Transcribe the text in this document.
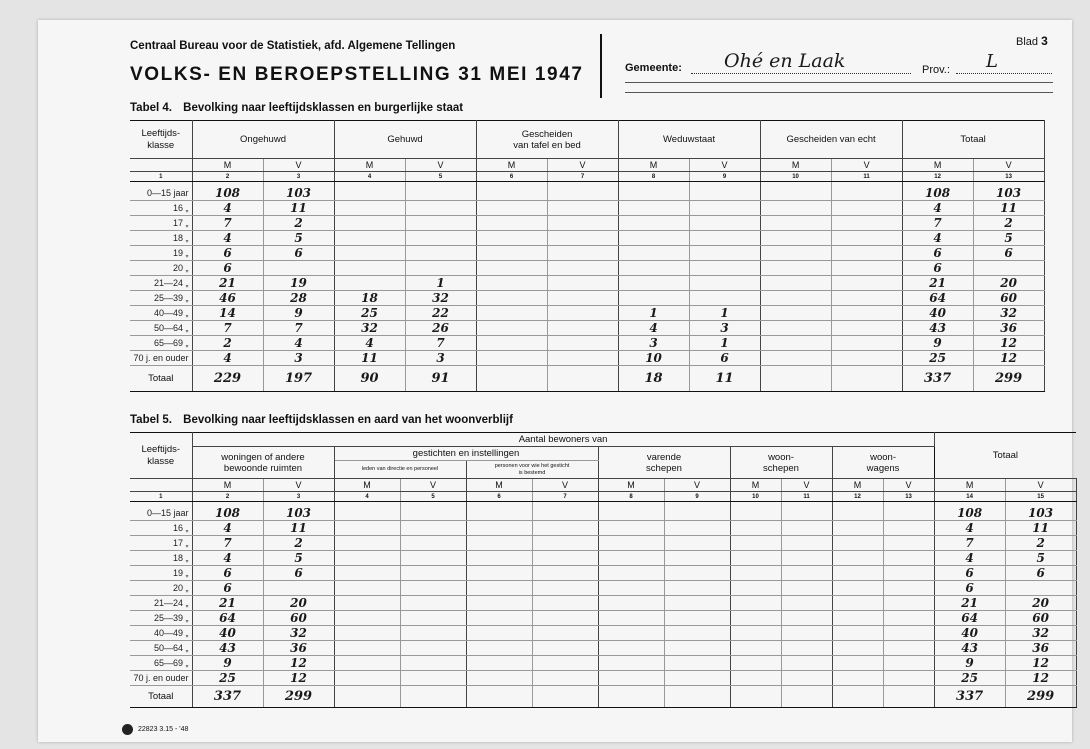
Centraal Bureau voor de Statistiek, afd. Algemene Tellingen
VOLKS- EN BEROEPSTELLING 31 MEI 1947
Blad 3
Gemeente: Ohé en Laak	Prov.: L
Tabel 4. Bevolking naar leeftijdsklassen en burgerlijke staat
Leeftijds-
klasse	Ongehuwd		Gehuwd		Gescheiden
van tafel en bed		Weduwstaat		Gescheiden van echt		Totaal	
	M	V	M	V	M	V	M	V	M	V	M	V
1	2	3	4	5	6	7	8	9	10	11	12	13

0—15 jaar	108	103									108	103
16 „	4	11									4	11
17 „	7	2									7	2
18 „	4	5									4	5
19 „	6	6									6	6
20 „	6										6	
21—24 „	21	19		1							21	20
25—39 „	46	28	18	32							64	60
40—49 „	14	9	25	22			1	1			40	32
50—64 „	7	7	32	26			4	3			43	36
65—69 „	2	4	4	7			3	1			9	12
70 j. en ouder	4	3	11	3			10	6			25	12
Totaal	229	197	90	91			18	11			337	299
Tabel 5. Bevolking naar leeftijdsklassen en aard van het woonverblijf
Leeftijds-
klasse	Aantal bewoners van												Totaal	
	woningen of andere
bewoonde ruimten		gestichten en instellingen				varende
schepen		woon-
schepen		woon-
wagens			
			leden van directie en personeel		personen voor wie het gesticht
is bestemd									
	M	V	M	V	M	V	M	V	M	V	M	V	M	V
1	2	3	4	5	6	7	8	9	10	11	12	13	14	15

0—15 jaar	108	103											108	103
16 „	4	11											4	11
17 „	7	2											7	2
18 „	4	5											4	5
19 „	6	6											6	6
20 „	6												6	
21—24 „	21	20											21	20
25—39 „	64	60											64	60
40—49 „	40	32											40	32
50—64 „	43	36											43	36
65—69 „	9	12											9	12
70 j. en ouder	25	12											25	12
Totaal	337	299											337	299
22823 3.15 - '48
